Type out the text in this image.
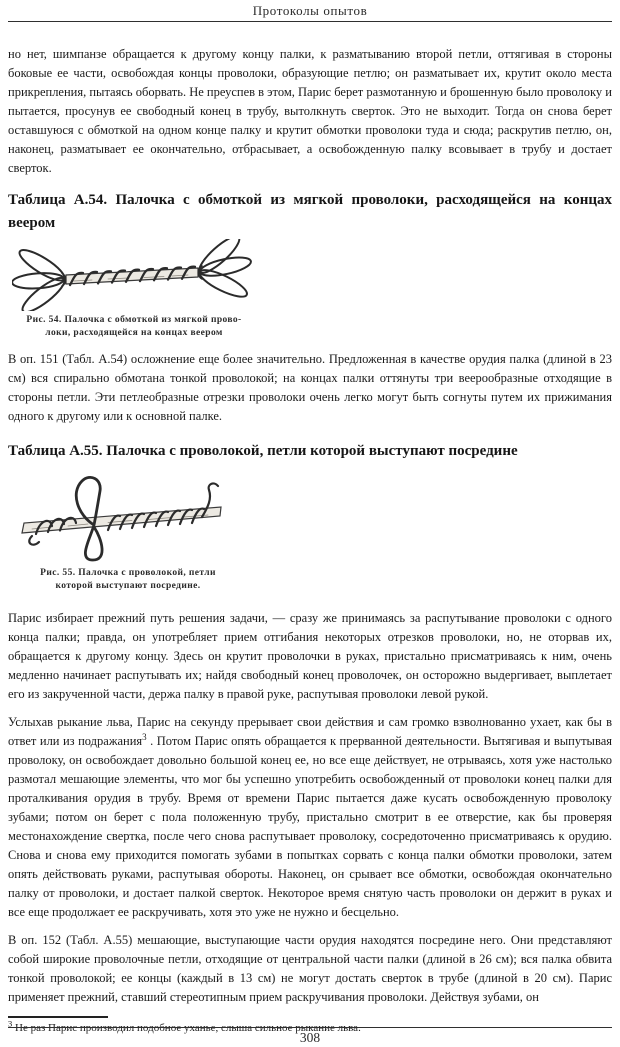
Протоколы опытов

но нет, шимпанзе обращается к другому концу палки, к разматыванию второй петли, оттягивая в стороны боковые ее части, освобождая концы проволоки, образующие петлю; он разматывает их, крутит около места прикрепления, пытаясь оборвать. Не преуспев в этом, Парис берет размотанную и брошенную было проволоку и пытается, просунув ее свободный конец в трубу, вытолкнуть сверток. Это не выходит. Тогда он снова берет оставшуюся с обмоткой на одном конце палку и крутит обмотки проволоки туда и сюда; раскрутив петлю, он, наконец, разматывает ее окончательно, отбрасывает, а освобожденную палку всовывает в трубу и достает сверток.

Таблица А.54. Палочка с обмоткой из мягкой проволоки, расходящейся на концах веером
Рис. 54. Палочка с обмоткой из мягкой прово-
локи, расходящейся на концах веером

В оп. 151 (Табл. А.54) осложнение еще более значительно. Предложенная в качестве орудия палка (длиной в 23 см) вся спирально обмотана тонкой проволокой; на концах палки оттянуты три веерообразные отходящие в стороны петли. Эти петлеобразные отрезки проволоки очень легко могут быть согнуты путем их прижимания одного к другому или к основной палке.

Таблица А.55. Палочка с проволокой, петли которой выступают посредине
Рис. 55. Палочка с проволокой, петли
которой выступают посредине.

Парис избирает прежний путь решения задачи, — сразу же принимаясь за распутывание проволоки с одного конца палки; правда, он употребляет прием отгибания некоторых отрезков проволоки, но, не оторвав их, обращается к другому концу. Здесь он крутит проволочки в руках, пристально присматриваясь к ним, очень медленно начинает распутывать их; найдя свободный конец проволочек, он осторожно выдергивает, выплетает его из закрученной части, держа палку в правой руке, распутывая проволоки левой рукой.

Услыхав рыкание льва, Парис на секунду прерывает свои действия и сам громко взволнованно ухает, как бы в ответ или из подражания$^3$ . Потом Парис опять обращается к прерванной деятельности. Вытягивая и выпутывая проволоку, он освобождает довольно большой конец ее, но все еще действует, не отрываясь, хотя уже настолько размотал мешающие элементы, что мог бы успешно употребить освобожденный от проволоки конец палки для проталкивания орудия в трубу. Время от времени Парис пытается даже кусать освобожденную проволоку зубами; потом он берет с пола положенную трубу, пристально смотрит в ее отверстие, как бы проверяя местонахождение свертка, после чего снова распутывает проволоку, сосредоточенно присматриваясь к орудию. Снова и снова ему приходится помогать зубами в попытках сорвать с конца палки обмотки проволоки, затем опять действовать руками, распутывая обороты. Наконец, он срывает все обмотки, освобождая окончательно палку от проволоки, и достает палкой сверток. Некоторое время снятую часть проволоки он держит в руках и все еще продолжает ее раскручивать, хотя это уже не нужно и бесцельно.

В оп. 152 (Табл. А.55) мешающие, выступающие части орудия находятся посредине него. Они представляют собой широкие проволочные петли, отходящие от центральной части палки (длиной в 26 см); вся палка обвита тонкой проволокой; ее концы (каждый в 13 см) не могут достать сверток в трубе (длиной в 20 см). Парис применяет прежний, ставший стереотипным прием раскручивания проволоки. Действуя зубами, он

$^3$ Не раз Парис производил подобное уханье, слыша сильное рыкание льва.
308
